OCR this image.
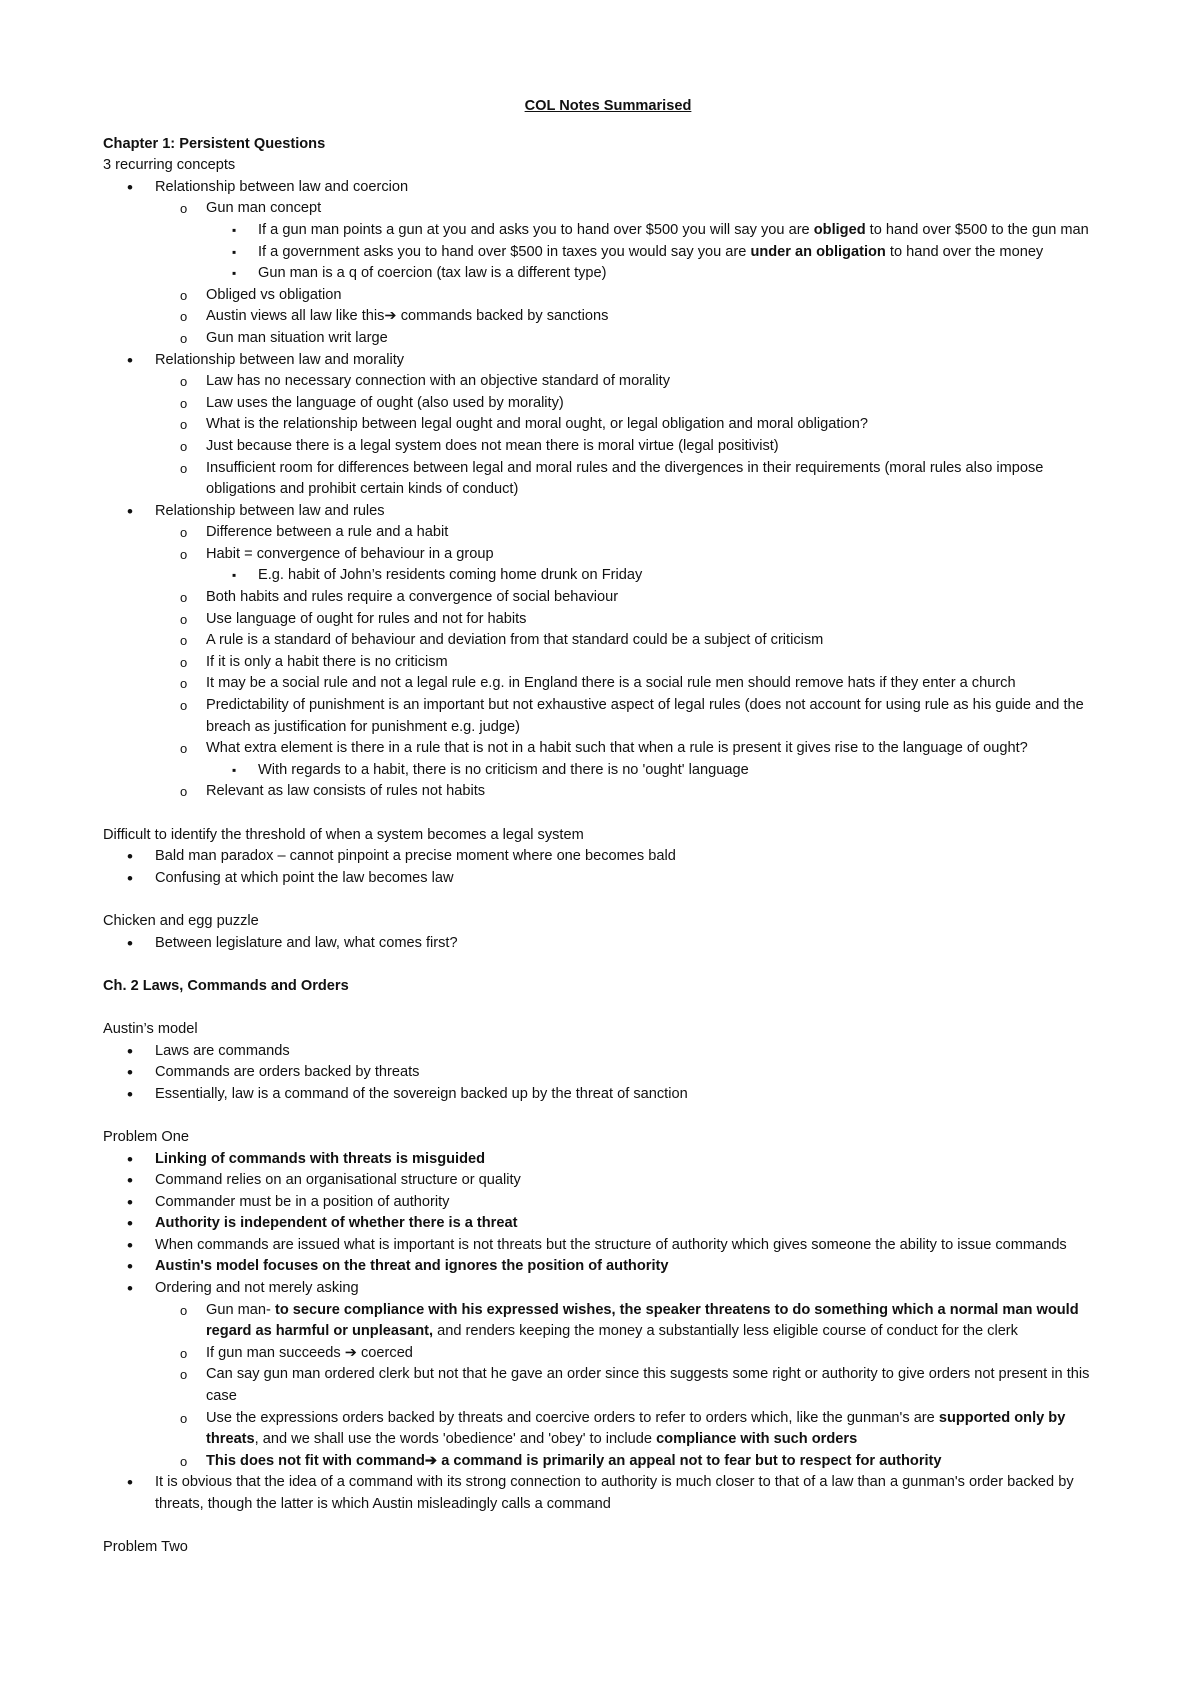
COL Notes Summarised
Chapter 1: Persistent Questions
3 recurring concepts
• Relationship between law and coercion
o Gun man concept
▪ If a gun man points a gun at you and asks you to hand over $500 you will say you are obliged to hand over $500 to the gun man
▪ If a government asks you to hand over $500 in taxes you would say you are under an obligation to hand over the money
▪ Gun man is a q of coercion (tax law is a different type)
o Obliged vs obligation
o Austin views all law like this➔ commands backed by sanctions
o Gun man situation writ large
• Relationship between law and morality
o Law has no necessary connection with an objective standard of morality
o Law uses the language of ought (also used by morality)
o What is the relationship between legal ought and moral ought, or legal obligation and moral obligation?
o Just because there is a legal system does not mean there is moral virtue (legal positivist)
o Insufficient room for differences between legal and moral rules and the divergences in their requirements (moral rules also impose obligations and prohibit certain kinds of conduct)
• Relationship between law and rules
o Difference between a rule and a habit
o Habit = convergence of behaviour in a group
▪ E.g. habit of John’s residents coming home drunk on Friday
o Both habits and rules require a convergence of social behaviour
o Use language of ought for rules and not for habits
o A rule is a standard of behaviour and deviation from that standard could be a subject of criticism
o If it is only a habit there is no criticism
o It may be a social rule and not a legal rule e.g. in England there is a social rule men should remove hats if they enter a church
o Predictability of punishment is an important but not exhaustive aspect of legal rules (does not account for using rule as his guide and the breach as justification for punishment e.g. judge)
o What extra element is there in a rule that is not in a habit such that when a rule is present it gives rise to the language of ought?
▪ With regards to a habit, there is no criticism and there is no 'ought' language
o Relevant as law consists of rules not habits
Difficult to identify the threshold of when a system becomes a legal system
• Bald man paradox – cannot pinpoint a precise moment where one becomes bald
• Confusing at which point the law becomes law
Chicken and egg puzzle
• Between legislature and law, what comes first?
Ch. 2 Laws, Commands and Orders
Austin’s model
• Laws are commands
• Commands are orders backed by threats
• Essentially, law is a command of the sovereign backed up by the threat of sanction
Problem One
• Linking of commands with threats is misguided
• Command relies on an organisational structure or quality
• Commander must be in a position of authority
• Authority is independent of whether there is a threat
• When commands are issued what is important is not threats but the structure of authority which gives someone the ability to issue commands
• Austin's model focuses on the threat and ignores the position of authority
• Ordering and not merely asking
o Gun man- to secure compliance with his expressed wishes, the speaker threatens to do something which a normal man would regard as harmful or unpleasant, and renders keeping the money a substantially less eligible course of conduct for the clerk
o If gun man succeeds ➔ coerced
o Can say gun man ordered clerk but not that he gave an order since this suggests some right or authority to give orders not present in this case
o Use the expressions orders backed by threats and coercive orders to refer to orders which, like the gunman's are supported only by threats, and we shall use the words 'obedience' and 'obey' to include compliance with such orders
o This does not fit with command➔ a command is primarily an appeal not to fear but to respect for authority
• It is obvious that the idea of a command with its strong connection to authority is much closer to that of a law than a gunman's order backed by threats, though the latter is which Austin misleadingly calls a command
Problem Two
